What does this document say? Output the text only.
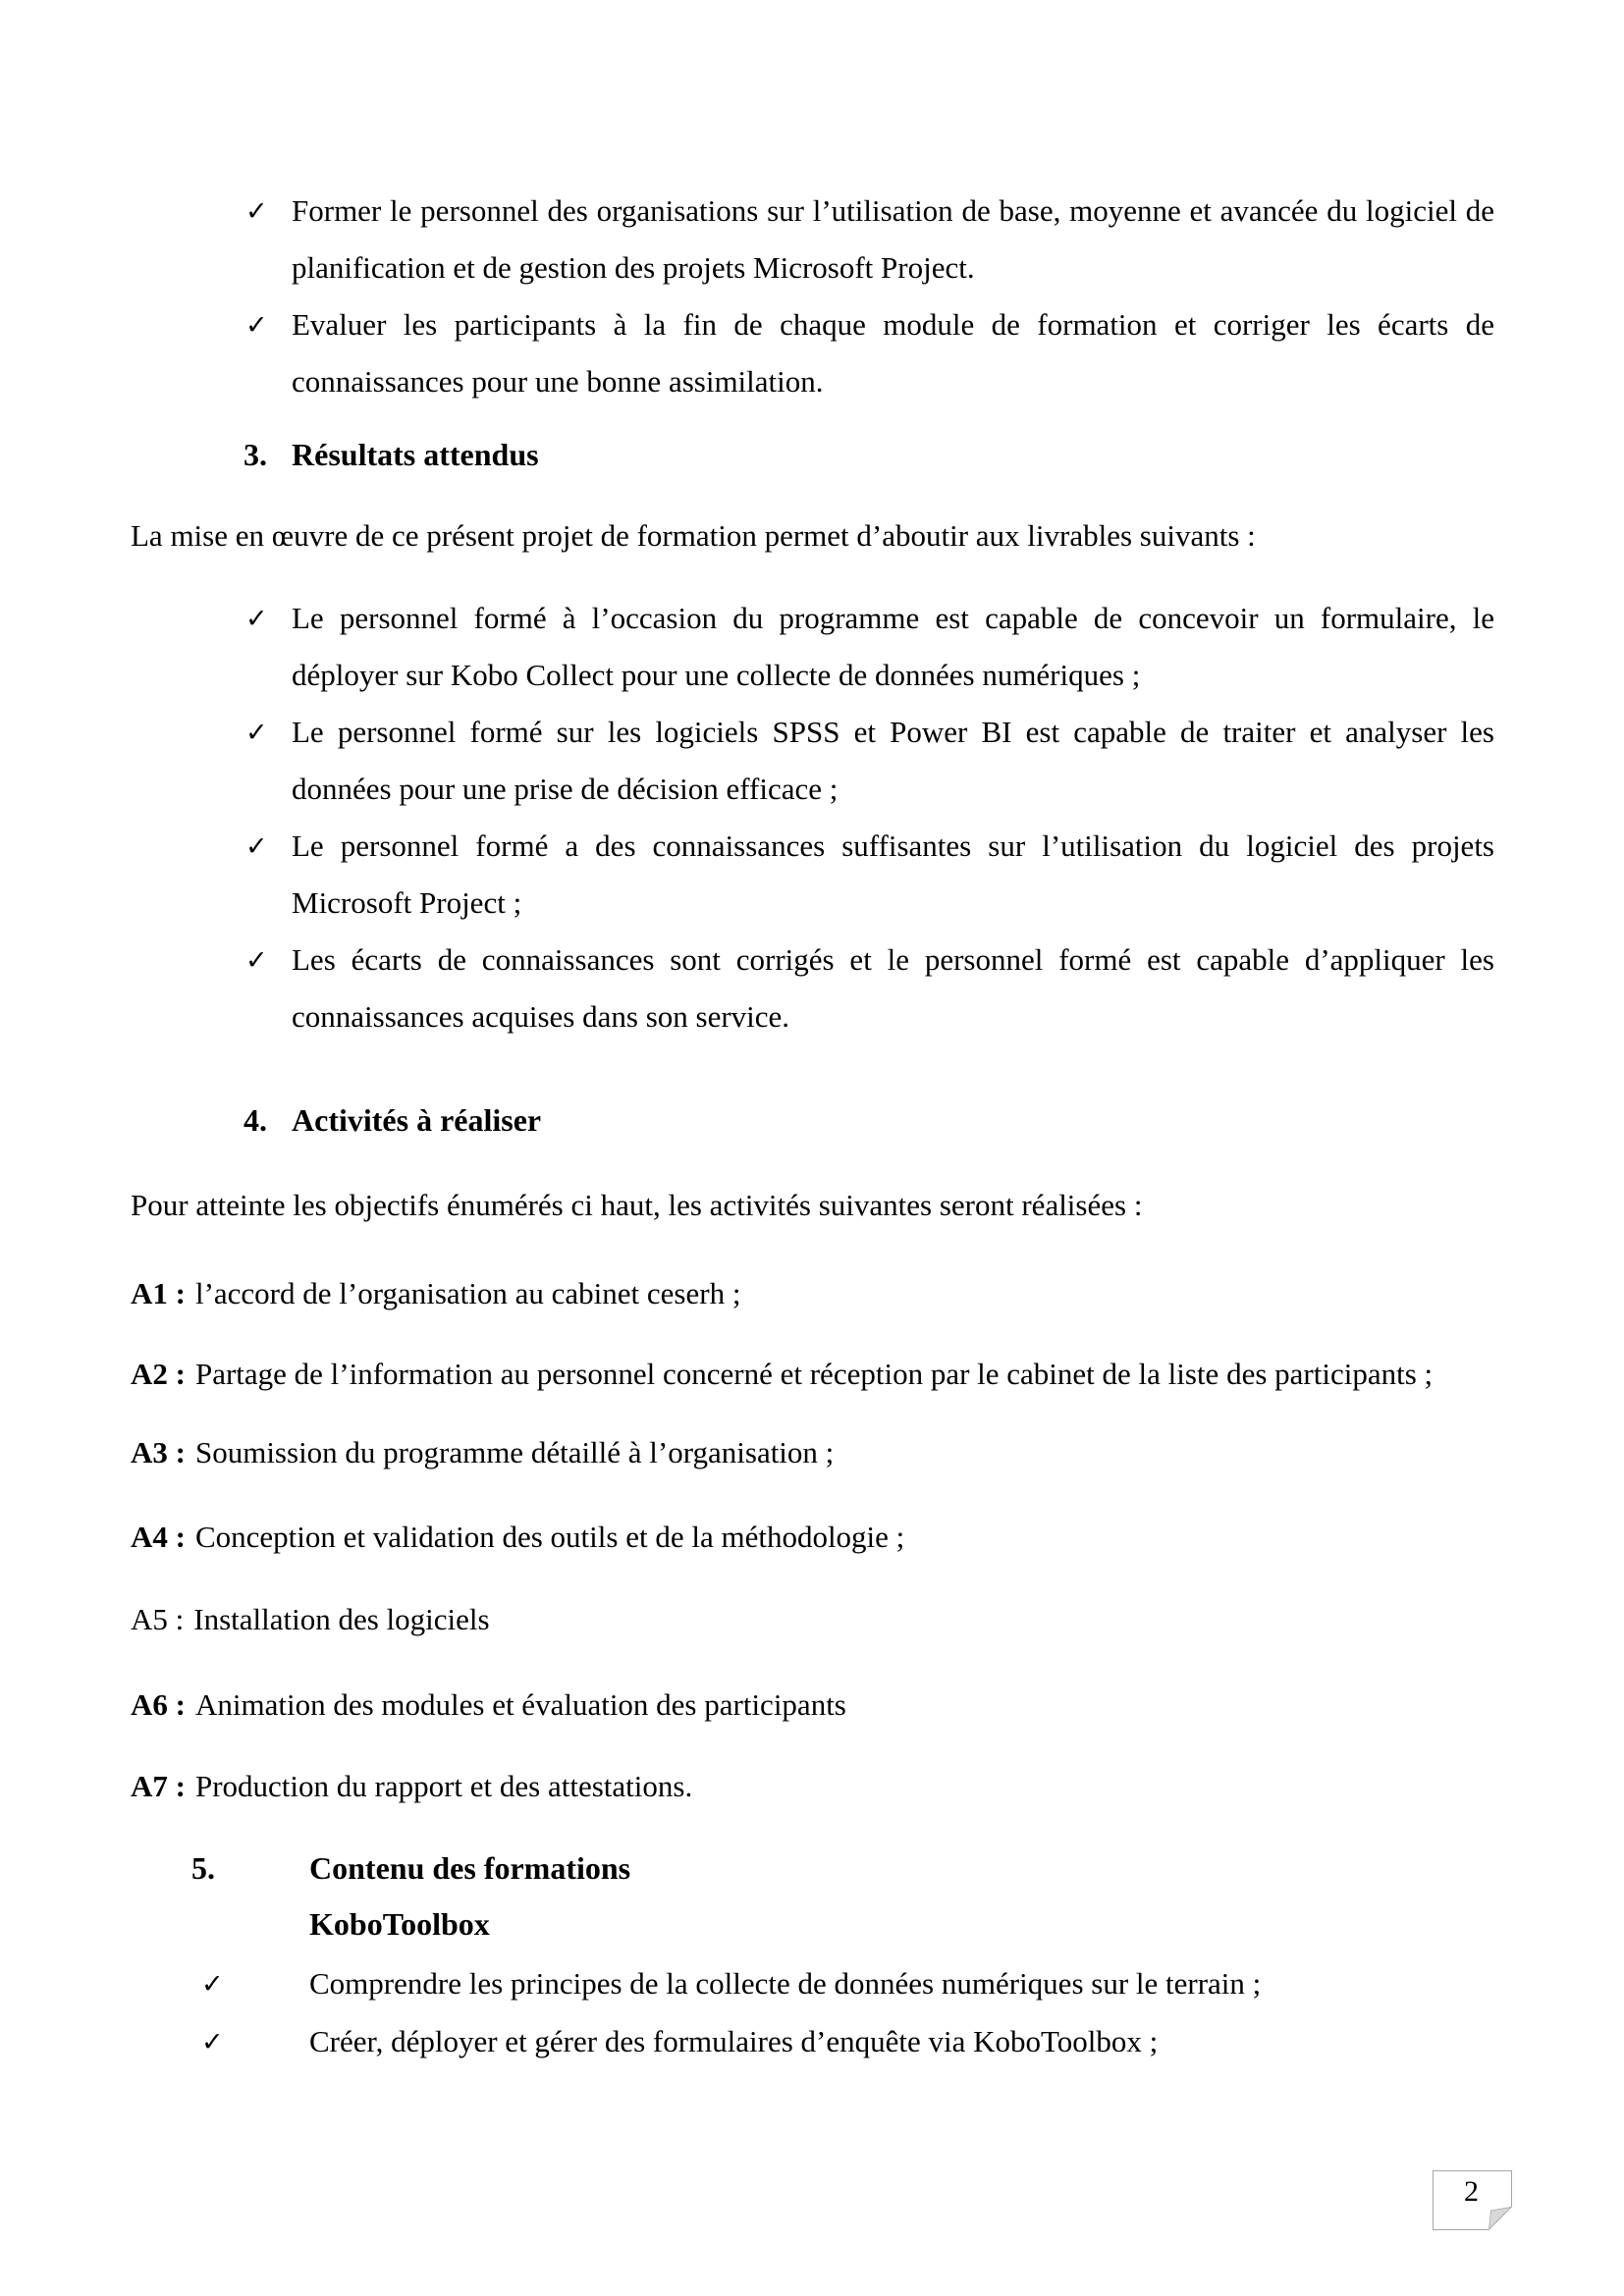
✓ Former le personnel des organisations sur l’utilisation de base, moyenne et avancée du logiciel de planification et de gestion des projets Microsoft Project.
✓ Evaluer les participants à la fin de chaque module de formation et corriger les écarts de connaissances pour une bonne assimilation.
3. Résultats attendus

La mise en œuvre de ce présent projet de formation permet d’aboutir aux livrables suivants :

✓ Le personnel formé à l’occasion du programme est capable de concevoir un formulaire, le déployer sur Kobo Collect pour une collecte de données numériques ;
✓ Le personnel formé sur les logiciels SPSS et Power BI est capable de traiter et analyser les données pour une prise de décision efficace ;
✓ Le personnel formé a des connaissances suffisantes sur l’utilisation du logiciel des projets Microsoft Project ;
✓ Les écarts de connaissances sont corrigés et le personnel formé est capable d’appliquer les connaissances acquises dans son service.
4. Activités à réaliser

Pour atteinte les objectifs énumérés ci haut, les activités suivantes seront réalisées :

A1 : l’accord de l’organisation au cabinet ceserh ;

A2 : Partage de l’information au personnel concerné et réception par le cabinet de la liste des participants ;

A3 : Soumission du programme détaillé à l’organisation ;

A4 : Conception et validation des outils et de la méthodologie ;

A5 : Installation des logiciels

A6 : Animation des modules et évaluation des participants

A7 : Production du rapport et des attestations.

5.	Contenu des formations
KoboToolbox
✓	Comprendre les principes de la collecte de données numériques sur le terrain ;
✓	Créer, déployer et gérer des formulaires d’enquête via KoboToolbox ;
2
